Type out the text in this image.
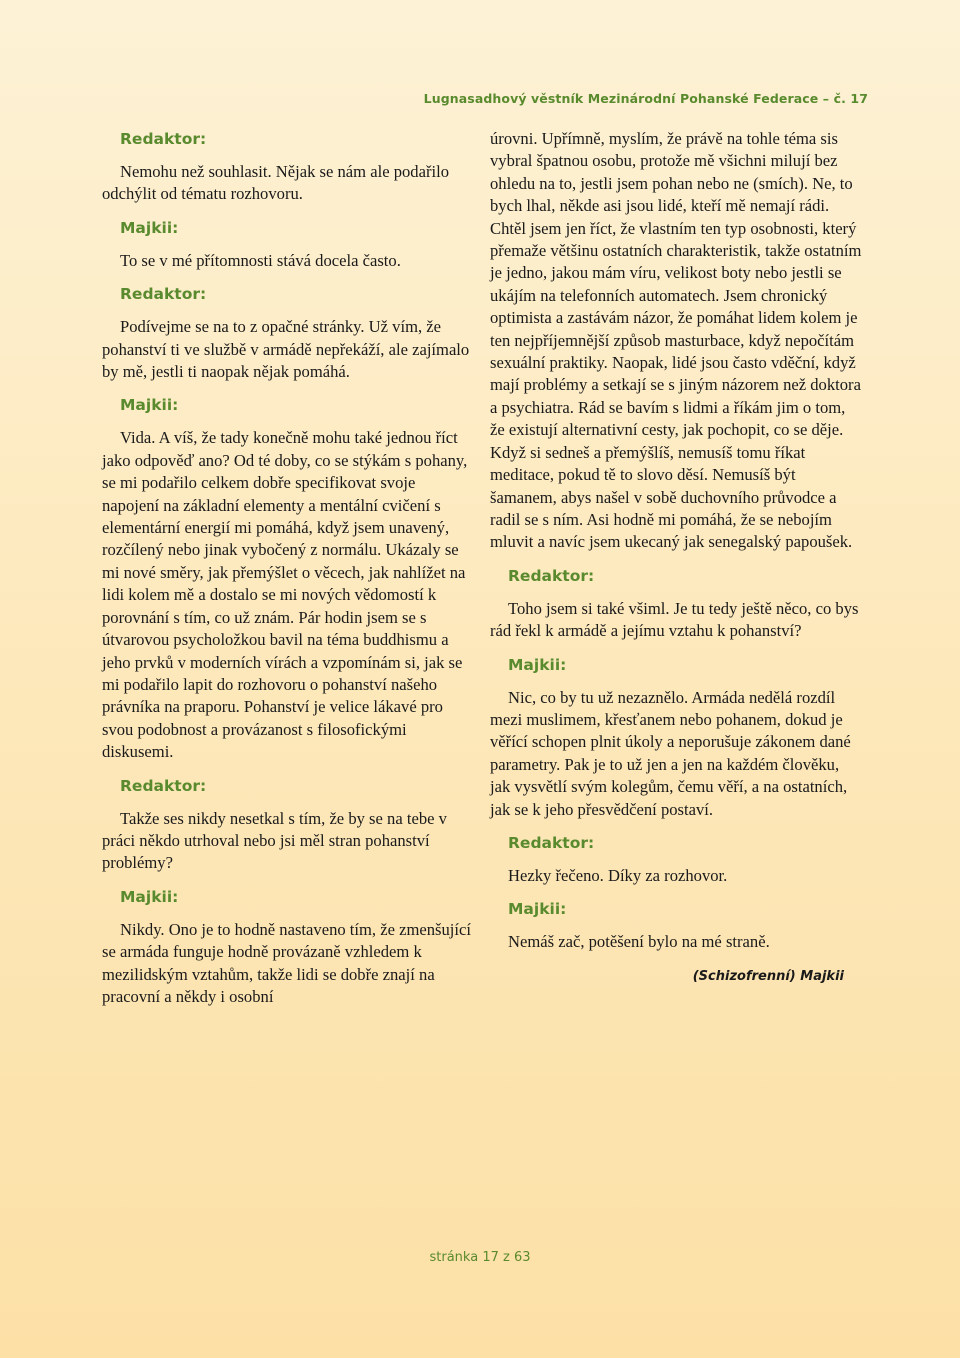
Lugnasadhový věstník Mezinárodní Pohanské Federace – č. 17
Redaktor:

Nemohu než souhlasit. Nějak se nám ale podařilo odchýlit od tématu rozhovoru.

Majkii:

To se v mé přítomnosti stává docela často.

Redaktor:

Podívejme se na to z opačné stránky. Už vím, že pohanství ti ve službě v armádě nepřekáží, ale zajímalo by mě, jestli ti naopak nějak pomáhá.

Majkii:

Vida. A víš, že tady konečně mohu také jednou říct jako odpověď ano? Od té doby, co se stýkám s pohany, se mi podařilo celkem dobře specifikovat svoje napojení na základní elementy a mentální cvičení s elementární energií mi pomáhá, když jsem unavený, rozčílený nebo jinak vybočený z normálu. Ukázaly se mi nové směry, jak přemýšlet o věcech, jak nahlížet na lidi kolem mě a dostalo se mi nových vědomostí k porovnání s tím, co už znám. Pár hodin jsem se s útvarovou psycholožkou bavil na téma buddhismu a jeho prvků v moderních vírách a vzpomínám si, jak se mi podařilo lapit do rozhovoru o pohanství našeho právníka na praporu. Pohanství je velice lákavé pro svou podobnost a provázanost s filosofickými diskusemi.

Redaktor:

Takže ses nikdy nesetkal s tím, že by se na tebe v práci někdo utrhoval nebo jsi měl stran pohanství problémy?

Majkii:

Nikdy. Ono je to hodně nastaveno tím, že zmenšující se armáda funguje hodně provázaně vzhledem k mezilidským vztahům, takže lidi se dobře znají na pracovní a někdy i osobní

úrovni. Upřímně, myslím, že právě na tohle téma sis vybral špatnou osobu, protože mě všichni milují bez ohledu na to, jestli jsem pohan nebo ne (smích). Ne, to bych lhal, někde asi jsou lidé, kteří mě nemají rádi. Chtěl jsem jen říct, že vlastním ten typ osobnosti, který přemaže většinu ostatních charakteristik, takže ostatním je jedno, jakou mám víru, velikost boty nebo jestli se ukájím na telefonních automatech. Jsem chronický optimista a zastávám názor, že pomáhat lidem kolem je ten nejpříjemnější způsob masturbace, když nepočítám sexuální praktiky. Naopak, lidé jsou často vděční, když mají problémy a setkají se s jiným názorem než doktora a psychiatra. Rád se bavím s lidmi a říkám jim o tom, že existují alternativní cesty, jak pochopit, co se děje. Když si sedneš a přemýšlíš, nemusíš tomu říkat meditace, pokud tě to slovo děsí. Nemusíš být šamanem, abys našel v sobě duchovního průvodce a radil se s ním. Asi hodně mi pomáhá, že se nebojím mluvit a navíc jsem ukecaný jak senegalský papoušek.

Redaktor:

Toho jsem si také všiml. Je tu tedy ještě něco, co bys rád řekl k armádě a jejímu vztahu k pohanství?

Majkii:

Nic, co by tu už nezaznělo. Armáda nedělá rozdíl mezi muslimem, křesťanem nebo pohanem, dokud je věřící schopen plnit úkoly a neporušuje zákonem dané parametry. Pak je to už jen a jen na každém člověku, jak vysvětlí svým kolegům, čemu věří, a na ostatních, jak se k jeho přesvědčení postaví.

Redaktor:

Hezky řečeno. Díky za rozhovor.

Majkii:

Nemáš zač, potěšení bylo na mé straně.

(Schizofrenní) Majkii
stránka 17 z 63
